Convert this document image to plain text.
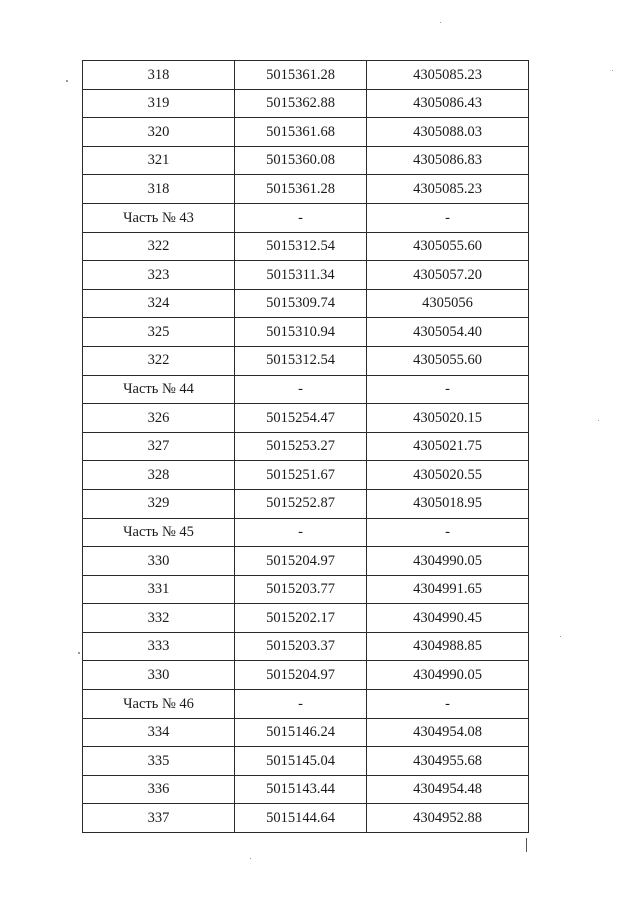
318	5015361.28	4305085.23
319	5015362.88	4305086.43
320	5015361.68	4305088.03
321	5015360.08	4305086.83
318	5015361.28	4305085.23
Часть № 43	-	-
322	5015312.54	4305055.60
323	5015311.34	4305057.20
324	5015309.74	4305056
325	5015310.94	4305054.40
322	5015312.54	4305055.60
Часть № 44	-	-
326	5015254.47	4305020.15
327	5015253.27	4305021.75
328	5015251.67	4305020.55
329	5015252.87	4305018.95
Часть № 45	-	-
330	5015204.97	4304990.05
331	5015203.77	4304991.65
332	5015202.17	4304990.45
333	5015203.37	4304988.85
330	5015204.97	4304990.05
Часть № 46	-	-
334	5015146.24	4304954.08
335	5015145.04	4304955.68
336	5015143.44	4304954.48
337	5015144.64	4304952.88
